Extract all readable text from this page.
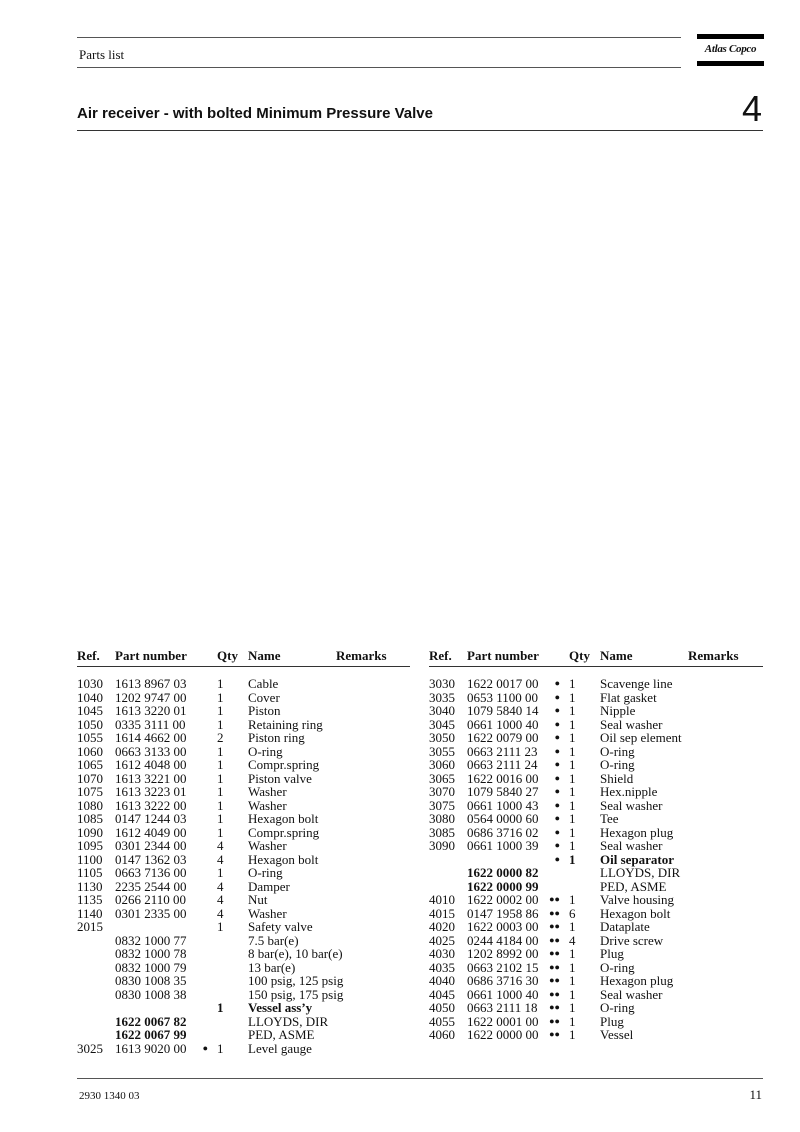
Parts list	Atlas Copco
Air receiver - with bolted Minimum Pressure Valve	4
Ref. Part number Qty Name	Remarks
1030 1613 8967 03 1 Cable
1040 1202 9747 00 1 Cover
1045 1613 3220 01 1 Piston
1050 0335 3111 00 1 Retaining ring
1055 1614 4662 00 2 Piston ring
1060 0663 3133 00 1 O-ring
1065 1612 4048 00 1 Compr.spring
1070 1613 3221 00 1 Piston valve
1075 1613 3223 01 1 Washer
1080 1613 3222 00 1 Washer
1085 0147 1244 03 1 Hexagon bolt
1090 1612 4049 00 1 Compr.spring
1095 0301 2344 00 4 Washer
1100 0147 1362 03 4 Hexagon bolt
1105 0663 7136 00 1 O-ring
1130 2235 2544 00 4 Damper
1135 0266 2110 00 4 Nut
1140 0301 2335 00 4 Washer
2015	1 Safety valve
0832 1000 77	7.5 bar(e)
0832 1000 78	8 bar(e), 10 bar(e)
0832 1000 79	13 bar(e)
0830 1008 35	100 psig, 125 psig
0830 1008 38	150 psig, 175 psig
1 Vessel ass’y
1622 0067 82	LLOYDS, DIR
1622 0067 99	PED, ASME
3025 1613 9020 00 ● 1 Level gauge
Ref. Part number Qty Name	Remarks
3030 1622 0017 00 ● 1 Scavenge line
3035 0653 1100 00 ● 1 Flat gasket
3040 1079 5840 14 ● 1 Nipple
3045 0661 1000 40 ● 1 Seal washer
3050 1622 0079 00 ● 1 Oil sep element
3055 0663 2111 23 ● 1 O-ring
3060 0663 2111 24 ● 1 O-ring
3065 1622 0016 00 ● 1 Shield
3070 1079 5840 27 ● 1 Hex.nipple
3075 0661 1000 43 ● 1 Seal washer
3080 0564 0000 60 ● 1 Tee
3085 0686 3716 02 ● 1 Hexagon plug
3090 0661 1000 39 ● 1 Seal washer
● 1 Oil separator
1622 0000 82	LLOYDS, DIR
1622 0000 99	PED, ASME
4010 1622 0002 00 ●● 1 Valve housing
4015 0147 1958 86 ●● 6 Hexagon bolt
4020 1622 0003 00 ●● 1 Dataplate
4025 0244 4184 00 ●● 4 Drive screw
4030 1202 8992 00 ●● 1 Plug
4035 0663 2102 15 ●● 1 O-ring
4040 0686 3716 30 ●● 1 Hexagon plug
4045 0661 1000 40 ●● 1 Seal washer
4050 0663 2111 18 ●● 1 O-ring
4055 1622 0001 00 ●● 1 Plug
4060 1622 0000 00 ●● 1 Vessel
2930 1340 03	11
